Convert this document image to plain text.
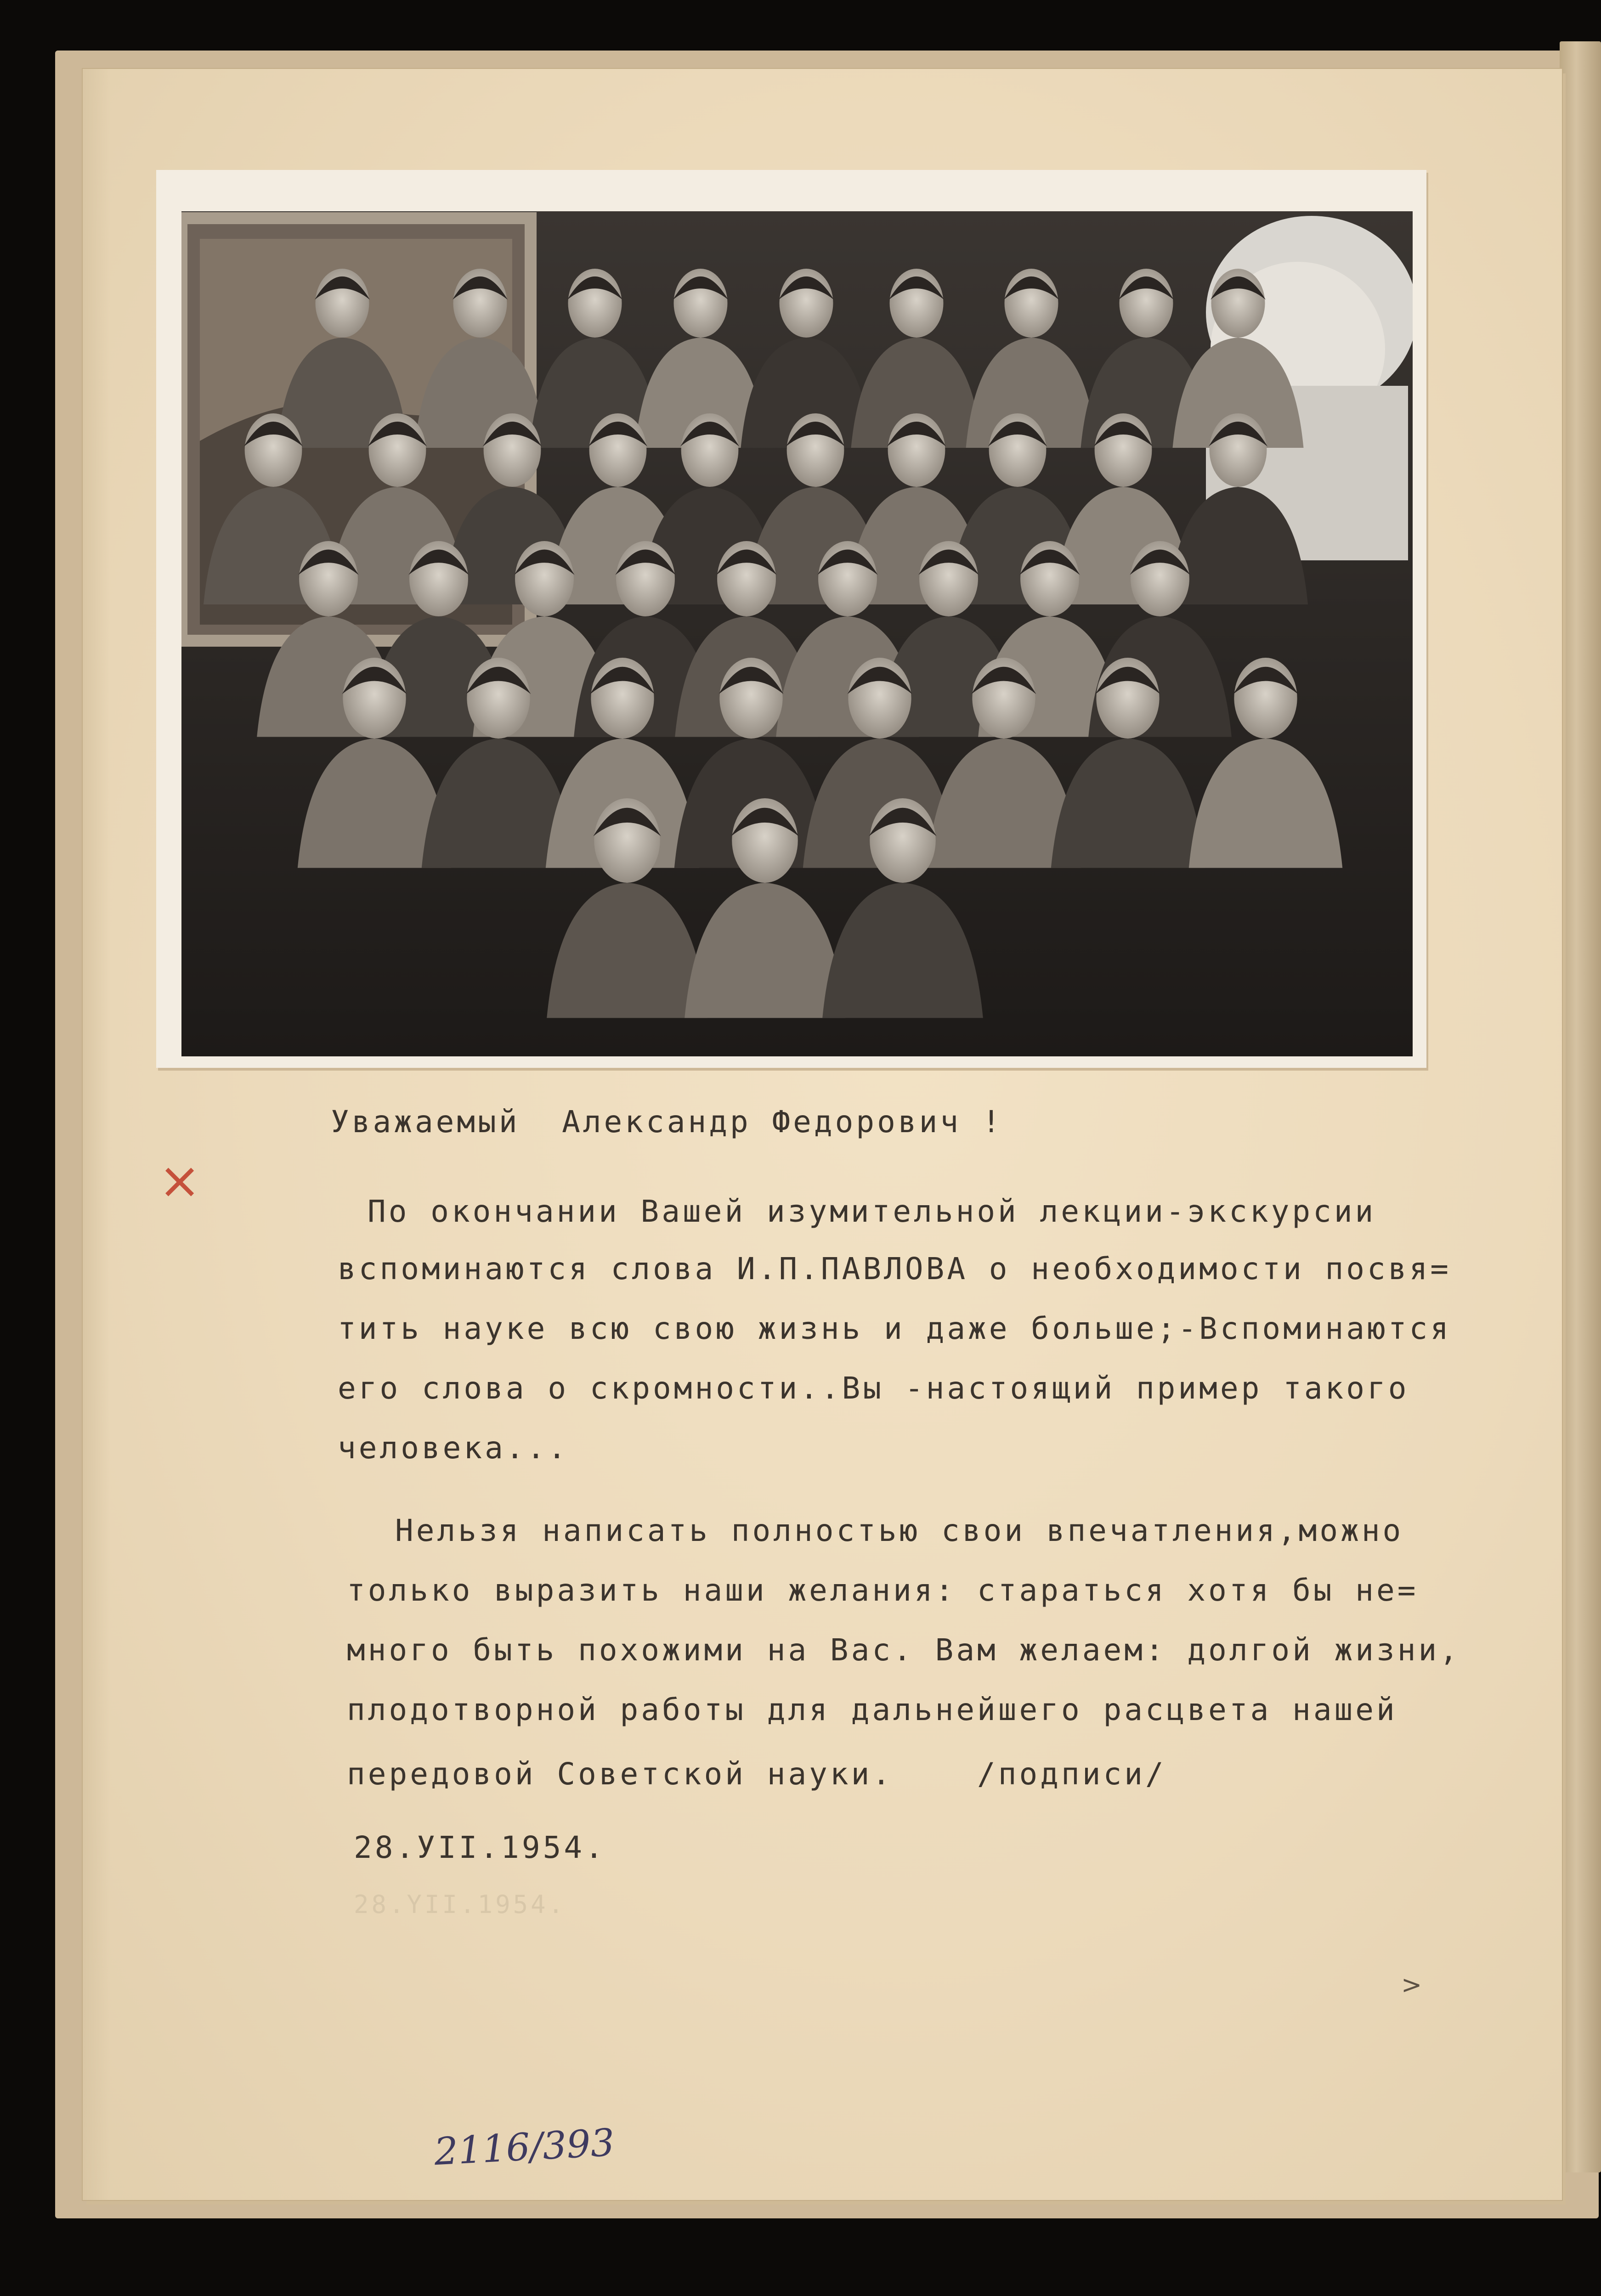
Уважаемый  Александр Федорович !
По окончании Вашей изумительной лекции-экскурсии
вспоминаются слова И.П.ПАВЛОВА о необходимости посвя=
тить науке всю свою жизнь и даже больше;-Вспоминаются
его слова о скромности..Вы -настоящий пример такого
человека...
Нельзя написать полностью свои впечатления,можно
только выразить наши желания: стараться хотя бы не=
много быть похожими на Вас. Вам желаем: долгой жизни,
плодотворной работы для дальнейшего расцвета нашей
передовой Советской науки.    /подписи/
28.УII.1954.
28.YII.1954.
×
>
2116/393
